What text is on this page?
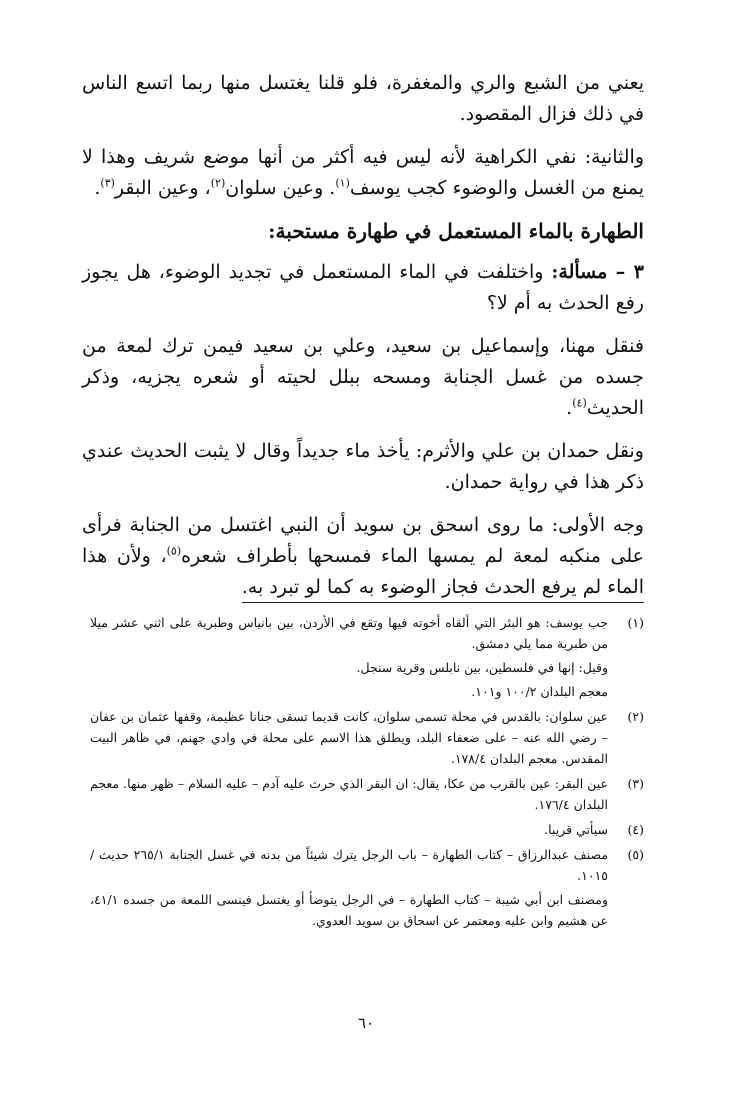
يعني من الشبع والري والمغفرة، فلو قلنا يغتسل منها ربما اتسع الناس في ذلك فزال المقصود.

والثانية: نفي الكراهية لأنه ليس فيه أكثر من أنها موضع شريف وهذا لا يمنع من الغسل والوضوء كجب يوسف$^{(١)}$. وعين سلوان$^{(٢)}$، وعين البقر$^{(٣)}$.

الطهارة بالماء المستعمل في طهارة مستحبة:

٣ – مسألة: واختلفت في الماء المستعمل في تجديد الوضوء، هل يجوز رفع الحدث به أم لا؟

فنقل مهنا، وإسماعيل بن سعيد، وعلي بن سعيد فيمن ترك لمعة من جسده من غسل الجنابة ومسحه ببلل لحيته أو شعره يجزيه، وذكر الحديث$^{(٤)}$.

ونقل حمدان بن علي والأثرم: يأخذ ماء جديداً وقال لا يثبت الحديث عندي ذكر هذا في رواية حمدان.

وجه الأولى: ما روى اسحق بن سويد أن النبي اغتسل من الجنابة فرأى على منكبه لمعة لم يمسها الماء فمسحها بأطراف شعره$^{(٥)}$، ولأن هذا الماء لم يرفع الحدث فجاز الوضوء به كما لو تبرد به.

(١)

جب يوسف: هو البئر التي ألقاه أخوته فيها وتقع في الأردن، بين بانياس وطبرية على اثني عشر ميلا من طبرية مما يلي دمشق.

وقيل: إنها في فلسطين، بين نابلس وقرية سنجل.

معجم البلدان ١٠٠/٢ و١٠١.

(٢)

عين سلوان: بالقدس في محلة تسمى سلوان، كانت قديما تسقى جنانا عظيمة، وقفها عثمان بن عفان – رضي الله عنه – على ضعفاء البلد، ويطلق هذا الاسم على محلة في وادي جهنم، في ظاهر البيت المقدس. معجم البلدان ١٧٨/٤.

(٣)

عين البقر: عين بالقرب من عكا، يقال: ان البقر الذي حرث عليه آدم – عليه السلام – ظهر منها. معجم البلدان ١٧٦/٤.

(٤)

سيأتي قريبا.

(٥)

مصنف عبدالرزاق – كتاب الطهارة – باب الرجل يترك شيئاً من بدنه في غسل الجنابة ٢٦٥/١ حديث / ١٠١٥.

ومصنف ابن أبي شيبة – كتاب الطهارة – في الرجل يتوضأ أو يغتسل فينسى اللمعة من جسده ٤١/١، عن هشيم وابن عليه ومعتمر عن اسحاق بن سويد العدوي.

٦٠
